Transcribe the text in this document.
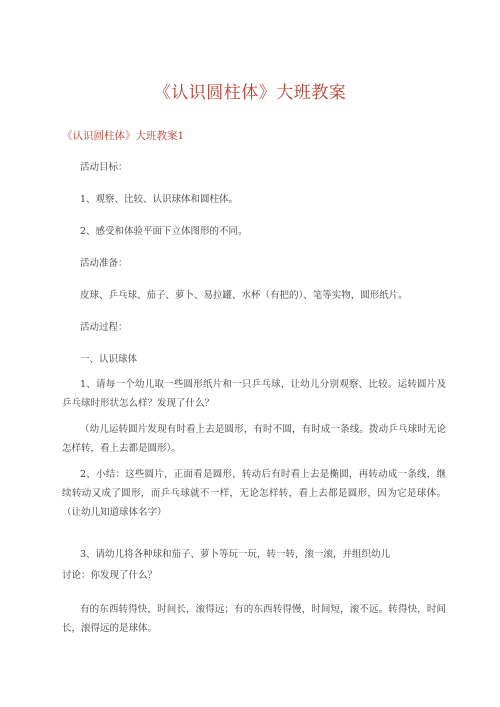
《认识圆柱体》大班教案
《认识圆柱体》大班教案1
活动目标：
1、观察、比较、认识球体和圆柱体。
2、感受和体验平面下立体图形的不同。
活动准备：
皮球、乒乓球、茄子、萝卜、易拉罐、水杯（有把的）、笔等实物，圆形纸片。
活动过程：
一、认识球体
1、请每一个幼儿取一些圆形纸片和一只乒乓球，让幼儿分别观察、比较。运转圆片及乒乓球时形状怎么样？发现了什么？
（幼儿运转圆片发现有时看上去是圆形，有时不圆，有时成一条线。拨动乒乓球时无论怎样转，看上去都是圆形）。
2、小结：这些圆片，正面看是圆形，转动后有时看上去是椭圆，再转动成一条线，继续转动又成了圆形，而乒乓球就不一样，无论怎样转，看上去都是圆形，因为它是球体。（让幼儿知道球体名字）
3、请幼儿将各种球和茄子、萝卜等玩一玩，转一转，滚一滚，并组织幼儿
讨论：你发现了什么？
有的东西转得快，时间长，滚得远；有的东西转得慢，时间短，滚不远。转得快，时间长，滚得远的是球体。
